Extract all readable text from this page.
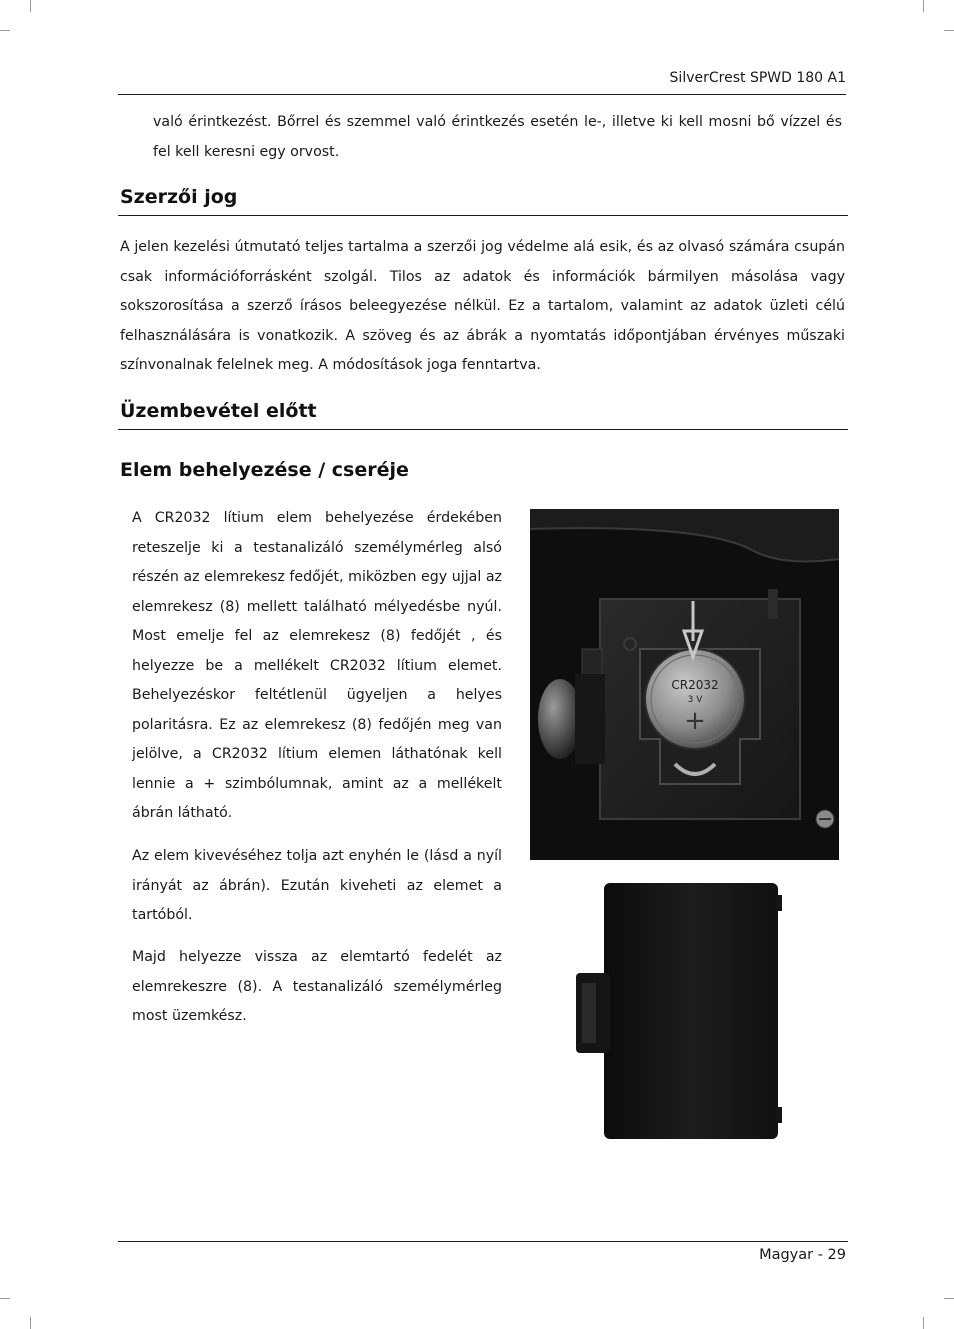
SilverCrest SPWD 180 A1

való érintkezést. Bőrrel és szemmel való érintkezés esetén le-, illetve ki kell mosni bő vízzel és fel kell keresni egy orvost.

Szerzői jog

A jelen kezelési útmutató teljes tartalma a szerzői jog védelme alá esik, és az olvasó számára csupán csak információforrásként szolgál. Tilos az adatok és információk bármilyen másolása vagy sokszorosítása a szerző írásos beleegyezése nélkül. Ez a tartalom, valamint az adatok üzleti célú felhasználására is vonatkozik. A szöveg és az ábrák a nyomtatás időpontjában érvényes műszaki színvonalnak felelnek meg. A módosítások joga fenntartva.

Üzembevétel előtt
Elem behelyezése / cseréje

A CR2032 lítium elem behelyezése érdekében reteszelje ki a testanalizáló személymérleg alsó részén az elemrekesz fedőjét, miközben egy ujjal az elemrekesz (8) mellett található mélyedésbe nyúl. Most emelje fel az elemrekesz (8) fedőjét , és helyezze be a mellékelt CR2032 lítium elemet. Behelyezéskor feltétlenül ügyeljen a helyes polaritásra. Ez az elemrekesz (8) fedőjén meg van jelölve, a CR2032 lítium elemen láthatónak kell lennie a + szimbólumnak, amint az a mellékelt ábrán látható.

Az elem kivevéséhez tolja azt enyhén le (lásd a nyíl irányát az ábrán). Ezután kiveheti az elemet a tartóból.

Majd helyezze vissza az elemtartó fedelét az elemrekeszre (8). A testanalizáló személymérleg most üzemkész.

CR2032
3 V
+
Magyar - 29
